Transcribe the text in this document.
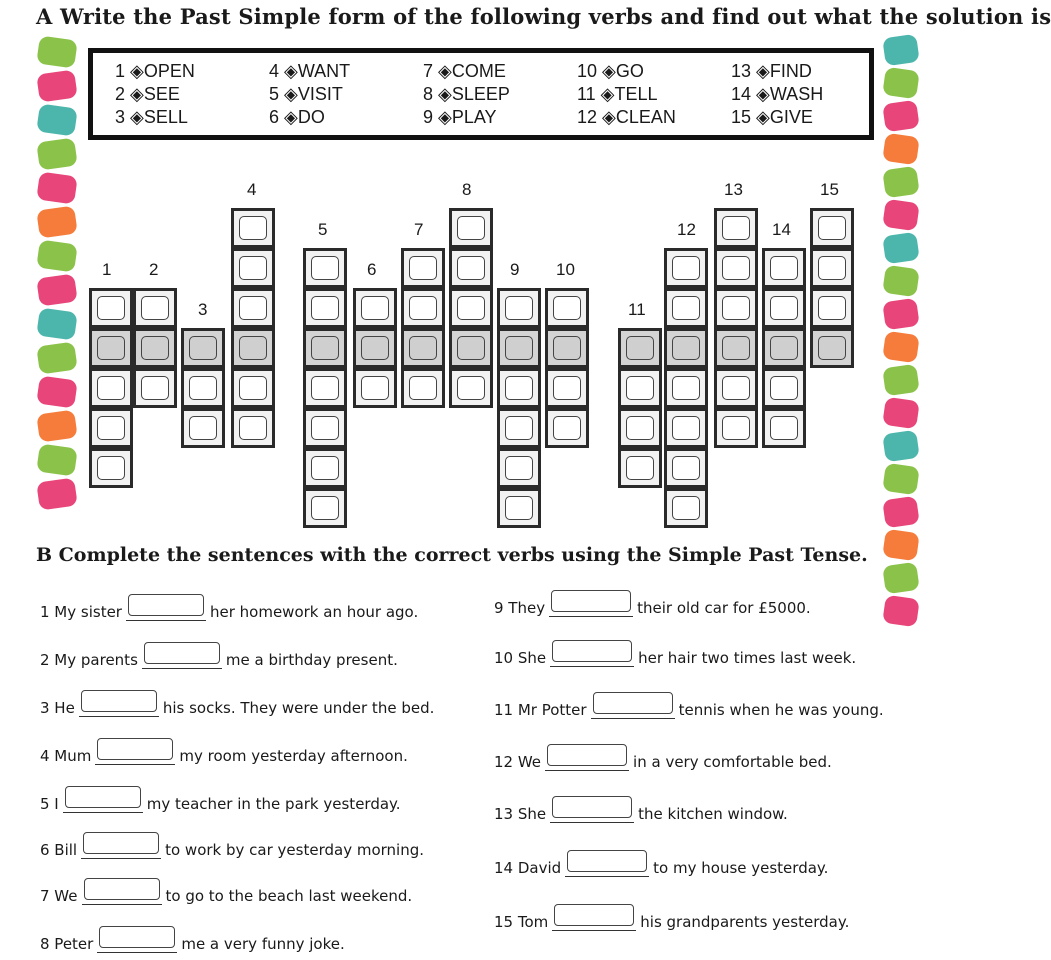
A Write the Past Simple form of the following verbs and find out what the solution is
1 ◈OPEN
2 ◈SEE
3 ◈SELL
4 ◈WANT
5 ◈VISIT
6 ◈DO
7 ◈COME
8 ◈SLEEP
9 ◈PLAY
10 ◈GO
11 ◈TELL
12 ◈CLEAN
13 ◈FIND
14 ◈WASH
15 ◈GIVE
1 2
3
4
5
6
7
8
9 10
11
12
13
14
15
B Complete the sentences with the correct verbs using the Simple Past Tense.
1 My sister	her homework an hour ago.
2 My parents	me a birthday present.
3 He	his socks. They were under the bed.
4 Mum	my room yesterday afternoon.
5 I	my teacher in the park yesterday.
6 Bill	to work by car yesterday morning.
7 We	to go to the beach last weekend.
8 Peter	me a very funny joke.
9 They	their old car for £5000.
10 She	her hair two times last week.
11 Mr Potter	tennis when he was young.
12 We	in a very comfortable bed.
13 She	the kitchen window.
14 David	to my house yesterday.
15 Tom	his grandparents yesterday.
